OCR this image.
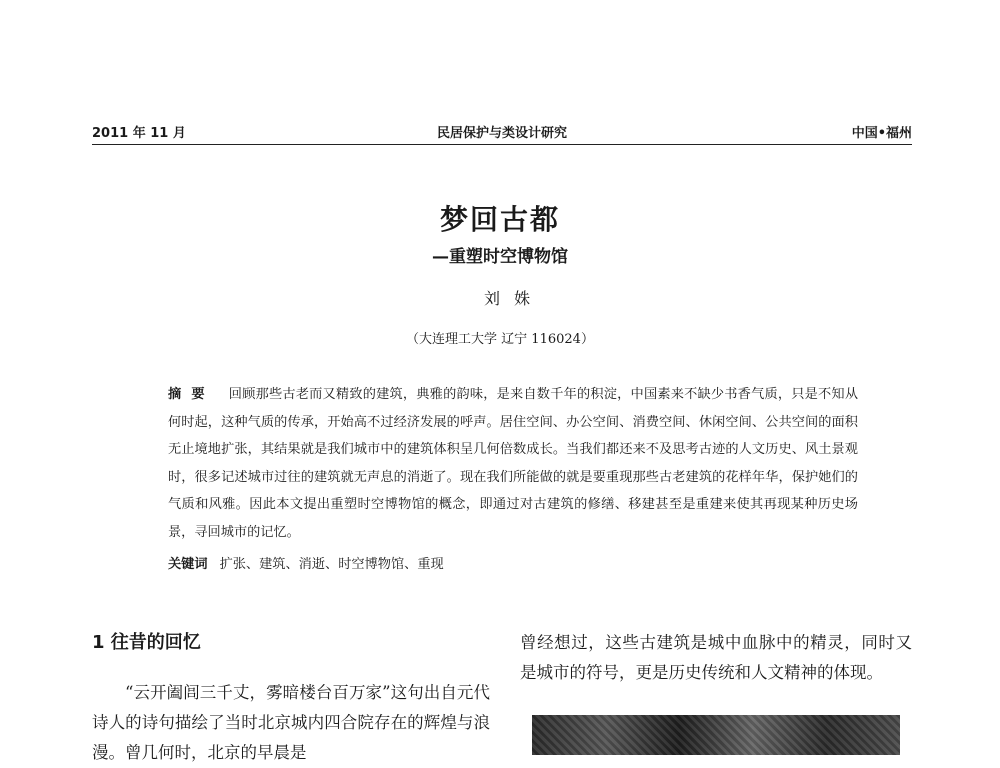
民居保护与类设计研究
2011 年 11 月	中国•福州
梦回古都
—重塑时空博物馆
刘姝
（大连理工大学 辽宁 116024）
摘要 回顾那些古老而又精致的建筑，典雅的韵味，是来自数千年的积淀，中国素来不缺少书香气质，只是不知从何时起，这种气质的传承，开始高不过经济发展的呼声。居住空间、办公空间、消费空间、休闲空间、公共空间的面积无止境地扩张，其结果就是我们城市中的建筑体积呈几何倍数成长。当我们都还来不及思考古迹的人文历史、风土景观时，很多记述城市过往的建筑就无声息的消逝了。现在我们所能做的就是要重现那些古老建筑的花样年华，保护她们的气质和风雅。因此本文提出重塑时空博物馆的概念，即通过对古建筑的修缮、移建甚至是重建来使其再现某种历史场景，寻回城市的记忆。
关键词 扩张、建筑、消逝、时空博物馆、重现
1 往昔的回忆

“云开阖闾三千丈，雾暗楼台百万家”这句出自元代诗人的诗句描绘了当时北京城内四合院存在的辉煌与浪漫。曾几何时，北京的早晨是

曾经想过，这些古建筑是城中血脉中的精灵，同时又是城市的符号，更是历史传统和人文精神的体现。
